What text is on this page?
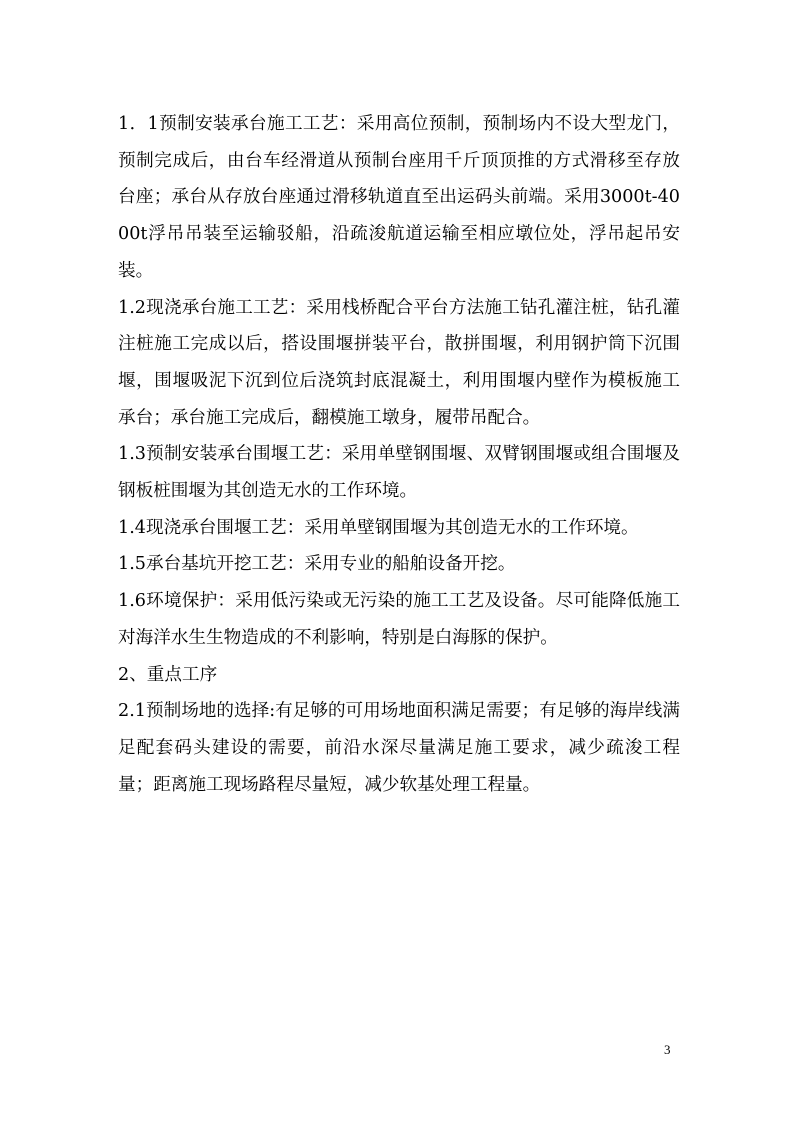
1．1预制安装承台施工工艺：采用高位预制，预制场内不设大型龙门，预制完成后，由台车经滑道从预制台座用千斤顶顶推的方式滑移至存放台座；承台从存放台座通过滑移轨道直至出运码头前端。采用3000t-4000t浮吊吊装至运输驳船，沿疏浚航道运输至相应墩位处，浮吊起吊安装。

1.2现浇承台施工工艺：采用栈桥配合平台方法施工钻孔灌注桩，钻孔灌注桩施工完成以后，搭设围堰拼装平台，散拼围堰，利用钢护筒下沉围堰，围堰吸泥下沉到位后浇筑封底混凝土，利用围堰内壁作为模板施工承台；承台施工完成后，翻模施工墩身，履带吊配合。

1.3预制安装承台围堰工艺：采用单壁钢围堰、双臂钢围堰或组合围堰及钢板桩围堰为其创造无水的工作环境。

1.4现浇承台围堰工艺：采用单壁钢围堰为其创造无水的工作环境。

1.5承台基坑开挖工艺：采用专业的船舶设备开挖。

1.6环境保护：采用低污染或无污染的施工工艺及设备。尽可能降低施工对海洋水生生物造成的不利影响，特别是白海豚的保护。

2、重点工序

2.1预制场地的选择:有足够的可用场地面积满足需要；有足够的海岸线满足配套码头建设的需要，前沿水深尽量满足施工要求，减少疏浚工程量；距离施工现场路程尽量短，减少软基处理工程量。

3
